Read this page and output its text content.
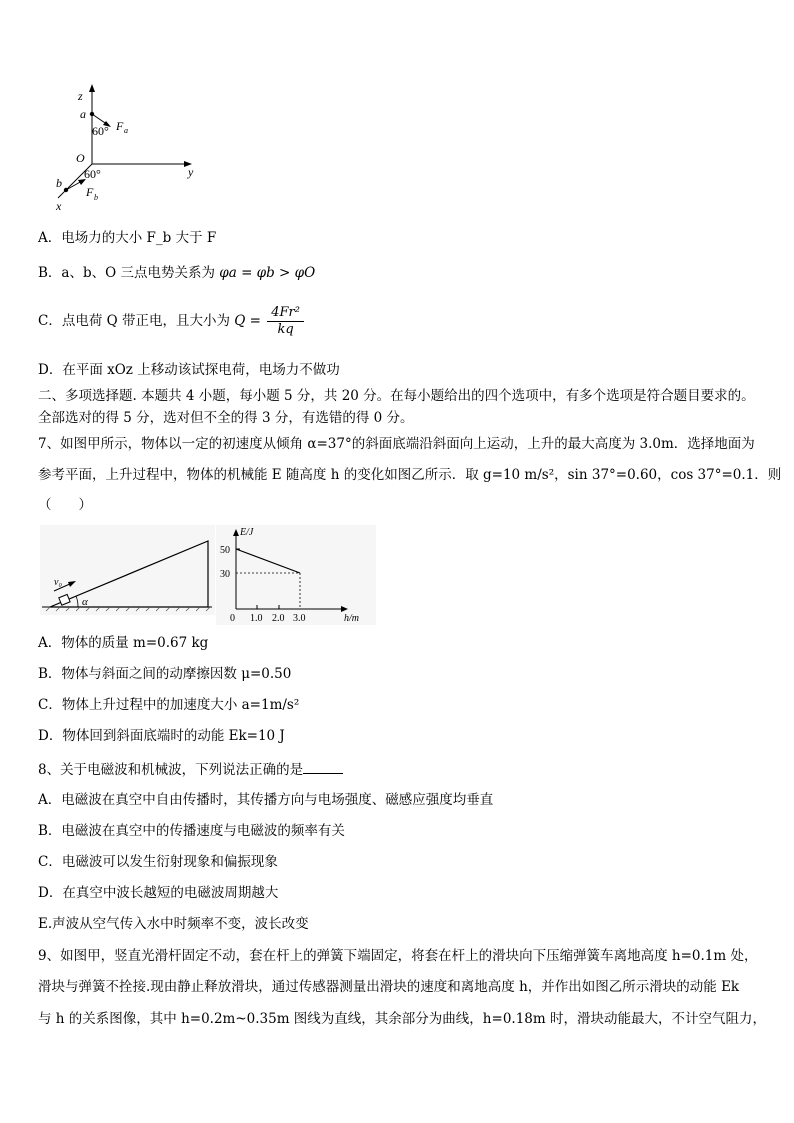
z
a
60° F a
O
y
60°
b
F b
x
A．电场力的大小 F_b 大于 F
B．a、b、O 三点电势关系为 φa = φb > φO
C．点电荷 Q 带正电，且大小为 $Q = \frac{\text{4Fr²}}{kq}$
D．在平面 xOz 上移动该试探电荷，电场力不做功
二、多项选择题. 本题共 4 小题，每小题 5 分，共 20 分。在每小题给出的四个选项中，有多个选项是符合题目要求的。
全部选对的得 5 分，选对但不全的得 3 分，有选错的得 0 分。
7、如图甲所示，物体以一定的初速度从倾角 α=37°的斜面底端沿斜面向上运动，上升的最大高度为 3.0m．选择地面为
参考平面，上升过程中，物体的机械能 E 随高度 h 的变化如图乙所示．取 g=10 m/s²，sin 37°=0.60，cos 37°=0.1．则
（　　）
v₀
α
E/J
50
30
0 1.0 2.0 3.0	h/m
A．物体的质量 m=0.67 kg
B．物体与斜面之间的动摩擦因数 μ=0.50
C．物体上升过程中的加速度大小 a=1m/s²
D．物体回到斜面底端时的动能 Ek=10 J
8、关于电磁波和机械波，下列说法正确的是
A．电磁波在真空中自由传播时，其传播方向与电场强度、磁感应强度均垂直
B．电磁波在真空中的传播速度与电磁波的频率有关
C．电磁波可以发生衍射现象和偏振现象
D．在真空中波长越短的电磁波周期越大
E.声波从空气传入水中时频率不变，波长改变
9、如图甲，竖直光滑杆固定不动，套在杆上的弹簧下端固定，将套在杆上的滑块向下压缩弹簧车离地高度 h=0.1m 处，
滑块与弹簧不拴接.现由静止释放滑块，通过传感器测量出滑块的速度和离地高度 h，并作出如图乙所示滑块的动能 Ek
与 h 的关系图像，其中 h=0.2m~0.35m 图线为直线，其余部分为曲线，h=0.18m 时，滑块动能最大，不计空气阻力，
